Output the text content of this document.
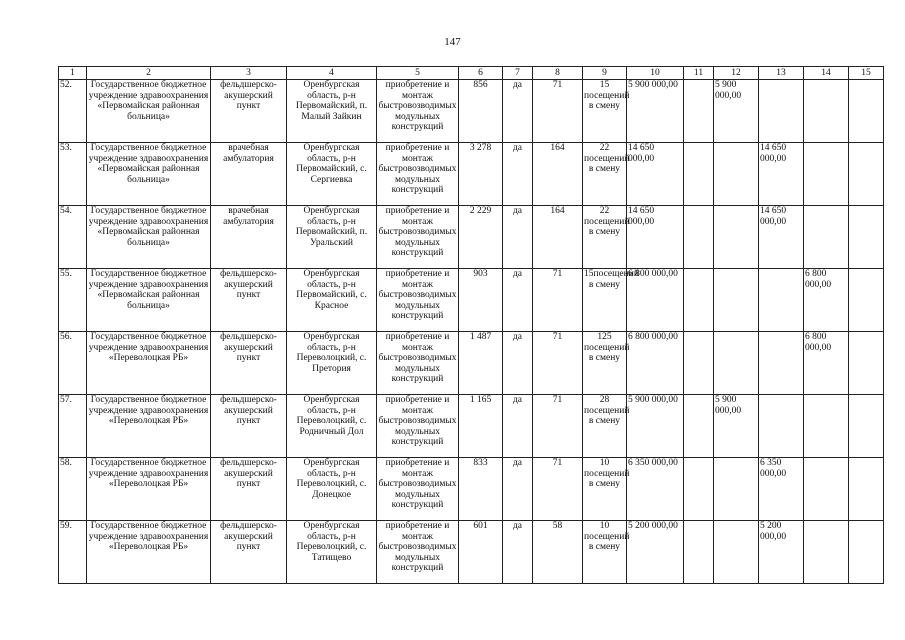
147
1	2	3	4	5	6	7	8	9	10	11	12	13	14	15
52.	Государственное бюджетное учреждение здравоохранения «Первомайская районная больница»	фельдшерско-акушерский пункт	Оренбургская область, р-н Первомайский, п. Малый Зайкин	приобретение и монтаж быстровозводимых модульных конструкций	856	да	71	15 посещений в смену	5 900 000,00		5 900 000,00			
53.	Государственное бюджетное учреждение здравоохранения «Первомайская районная больница»	врачебная амбулатория	Оренбургская область, р-н Первомайский, с. Сергиевка	приобретение и монтаж быстровозводимых модульных конструкций	3 278	да	164	22 посещений в смену	14 650 000,00			14 650 000,00		
54.	Государственное бюджетное учреждение здравоохранения «Первомайская районная больница»	врачебная амбулатория	Оренбургская область, р-н Первомайский, п. Уральский	приобретение и монтаж быстровозводимых модульных конструкций	2 229	да	164	22 посещений в смену	14 650 000,00			14 650 000,00		
55.	Государственное бюджетное учреждение здравоохранения «Первомайская районная больница»	фельдшерско-акушерский пункт	Оренбургская область, р-н Первомайский, с. Красное	приобретение и монтаж быстровозводимых модульных конструкций	903	да	71	15посещений в смену	6 800 000,00				6 800 000,00	
56.	Государственное бюджетное учреждение здравоохранения «Переволоцкая РБ»	фельдшерско-акушерский пункт	Оренбургская область, р-н Переволоцкий, с. Претория	приобретение и монтаж быстровозводимых модульных конструкций	1 487	да	71	125 посещений в смену	6 800 000,00				6 800 000,00	
57.	Государственное бюджетное учреждение здравоохранения «Переволоцкая РБ»	фельдшерско-акушерский пункт	Оренбургская область, р-н Переволоцкий, с. Родничный Дол	приобретение и монтаж быстровозводимых модульных конструкций	1 165	да	71	28 посещений в смену	5 900 000,00		5 900 000,00			
58.	Государственное бюджетное учреждение здравоохранения «Переволоцкая РБ»	фельдшерско-акушерский пункт	Оренбургская область, р-н Переволоцкий, с. Донецкое	приобретение и монтаж быстровозводимых модульных конструкций	833	да	71	10 посещений в смену	6 350 000,00			6 350 000,00		
59.	Государственное бюджетное учреждение здравоохранения «Переволоцкая РБ»	фельдшерско-акушерский пункт	Оренбургская область, р-н Переволоцкий, с. Татищево	приобретение и монтаж быстровозводимых модульных конструкций	601	да	58	10 посещений в смену	5 200 000,00			5 200 000,00		
